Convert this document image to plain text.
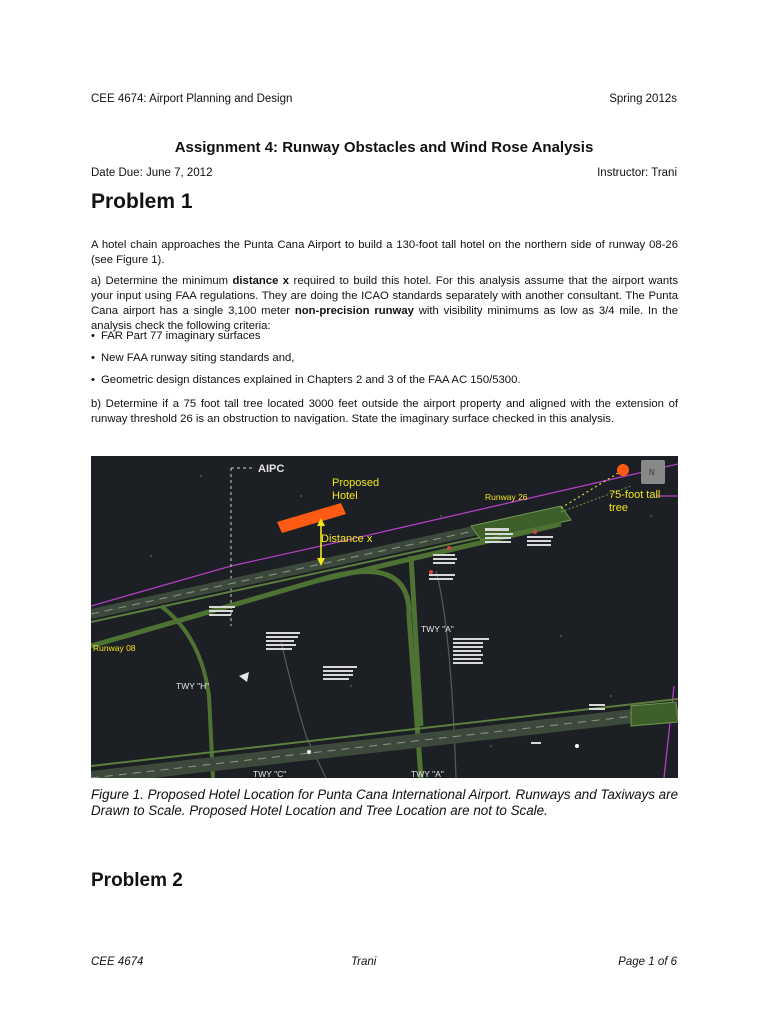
CEE 4674: Airport Planning and Design	Spring 2012s
Assignment 4: Runway Obstacles and Wind Rose Analysis
Date Due: June 7, 2012	Instructor: Trani
Problem 1
A hotel chain approaches the Punta Cana Airport to build a 130-foot tall hotel on the northern side of runway 08-26 (see Figure 1).
a) Determine the minimum distance x required to build this hotel. For this analysis assume that the airport wants your input using FAA regulations. They are doing the ICAO standards separately with another consultant. The Punta Cana airport has a single 3,100 meter non-precision runway with visibility minimums as low as 3/4 mile. In the analysis check the following criteria:
• FAR Part 77 imaginary surfaces
• New FAA runway siting standards and,
• Geometric design distances explained in Chapters 2 and 3 of the FAA AC 150/5300.
b) Determine if a 75 foot tall tree located 3000 feet outside the airport property and aligned with the extension of runway threshold 26 is an obstruction to navigation. State the imaginary surface checked in this analysis.
AIPC
Proposed
Hotel
Distance x
Runway 26	75-foot tall
tree
Runway 08
TWY "A"
TWY "H"
TWY "C"	TWY "A"
N
Figure 1. Proposed Hotel Location for Punta Cana International Airport. Runways and Taxiways are Drawn to Scale. Proposed Hotel Location and Tree Location are not to Scale.
Problem 2
CEE 4674	Trani	Page 1 of 6
